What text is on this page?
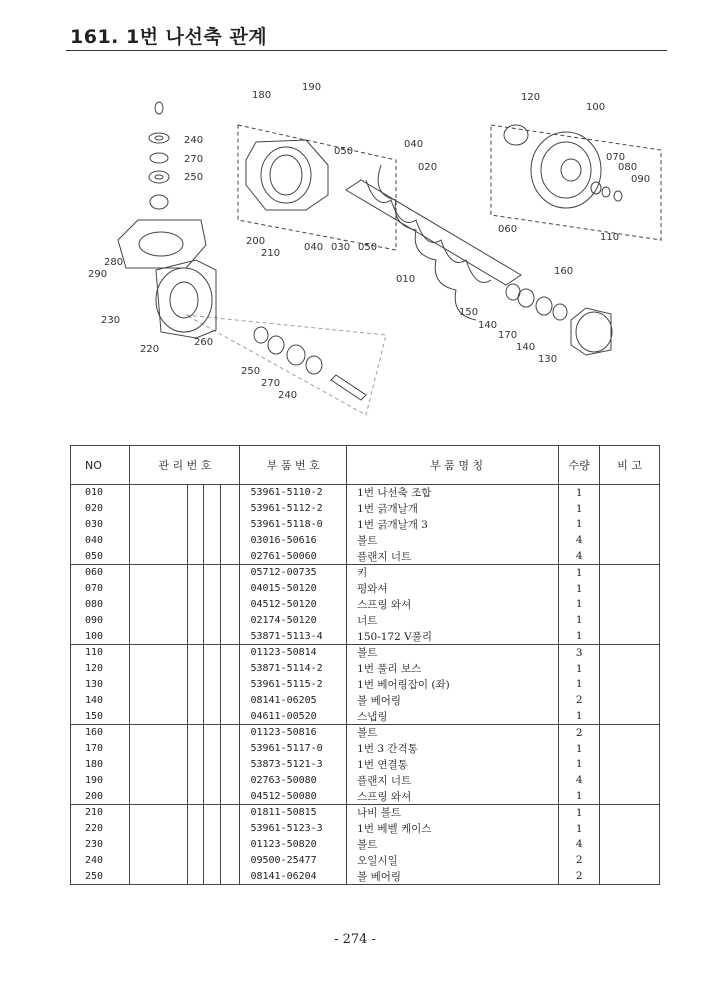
161. 1번 나선축 관계
180
190
050
040
020
240
270
250
120
100
070
080
090
110
060
160
010
200
210
040 030 050
280
290
230
220
260
150
140
170
140
130
250
270
240
NO	관 리 번 호				부 품 번 호	부 품 명 칭	수량	비 고
010					53961-5110-2	1번 나선축 조합	1	
020					53961-5112-2	1번 긁개날개	1	
030					53961-5118-0	1번 긁개날개 3	1	
040					03016-50616	볼트	4	
050					02761-50060	플랜지 너트	4	
060					05712-00735	키	1	
070					04015-50120	평와셔	1	
080					04512-50120	스프링 와셔	1	
090					02174-50120	너트	1	
100					53871-5113-4	150-172 V풀리	1	
110					01123-50814	볼트	3	
120					53871-5114-2	1번 풀리 보스	1	
130					53961-5115-2	1번 베어링잡이 (좌)	1	
140					08141-06205	볼 베어링	2	
150					04611-00520	스냅링	1	
160					01123-50816	볼트	2	
170					53961-5117-0	1번 3 간격통	1	
180					53873-5121-3	1번 연결통	1	
190					02763-50080	플랜지 너트	4	
200					04512-50080	스프링 와셔	1	
210					01811-50815	나비 볼트	1	
220					53961-5123-3	1번 베벨 케이스	1	
230					01123-50820	볼트	4	
240					09500-25477	오일시일	2	
250					08141-06204	볼 베어링	2	
- 274 -
